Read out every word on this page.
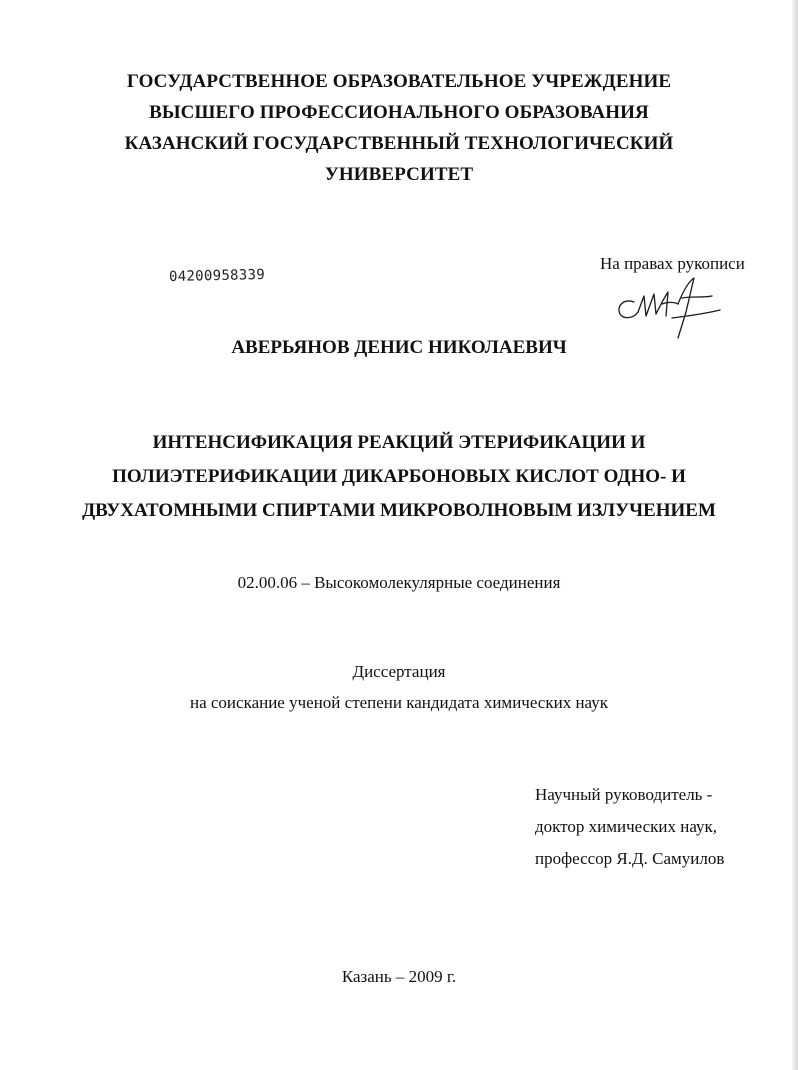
ГОСУДАРСТВЕННОЕ ОБРАЗОВАТЕЛЬНОЕ УЧРЕЖДЕНИЕ
ВЫСШЕГО ПРОФЕССИОНАЛЬНОГО ОБРАЗОВАНИЯ
КАЗАНСКИЙ ГОСУДАРСТВЕННЫЙ ТЕХНОЛОГИЧЕСКИЙ
УНИВЕРСИТЕТ
04200958339
На правах рукописи
АВЕРЬЯНОВ ДЕНИС НИКОЛАЕВИЧ
ИНТЕНСИФИКАЦИЯ РЕАКЦИЙ ЭТЕРИФИКАЦИИ И
ПОЛИЭТЕРИФИКАЦИИ ДИКАРБОНОВЫХ КИСЛОТ ОДНО- И
ДВУХАТОМНЫМИ СПИРТАМИ МИКРОВОЛНОВЫМ ИЗЛУЧЕНИЕМ
02.00.06 – Высокомолекулярные соединения
Диссертация
на соискание ученой степени кандидата химических наук
Научный руководитель -
доктор химических наук,
профессор Я.Д. Самуилов
Казань – 2009 г.
